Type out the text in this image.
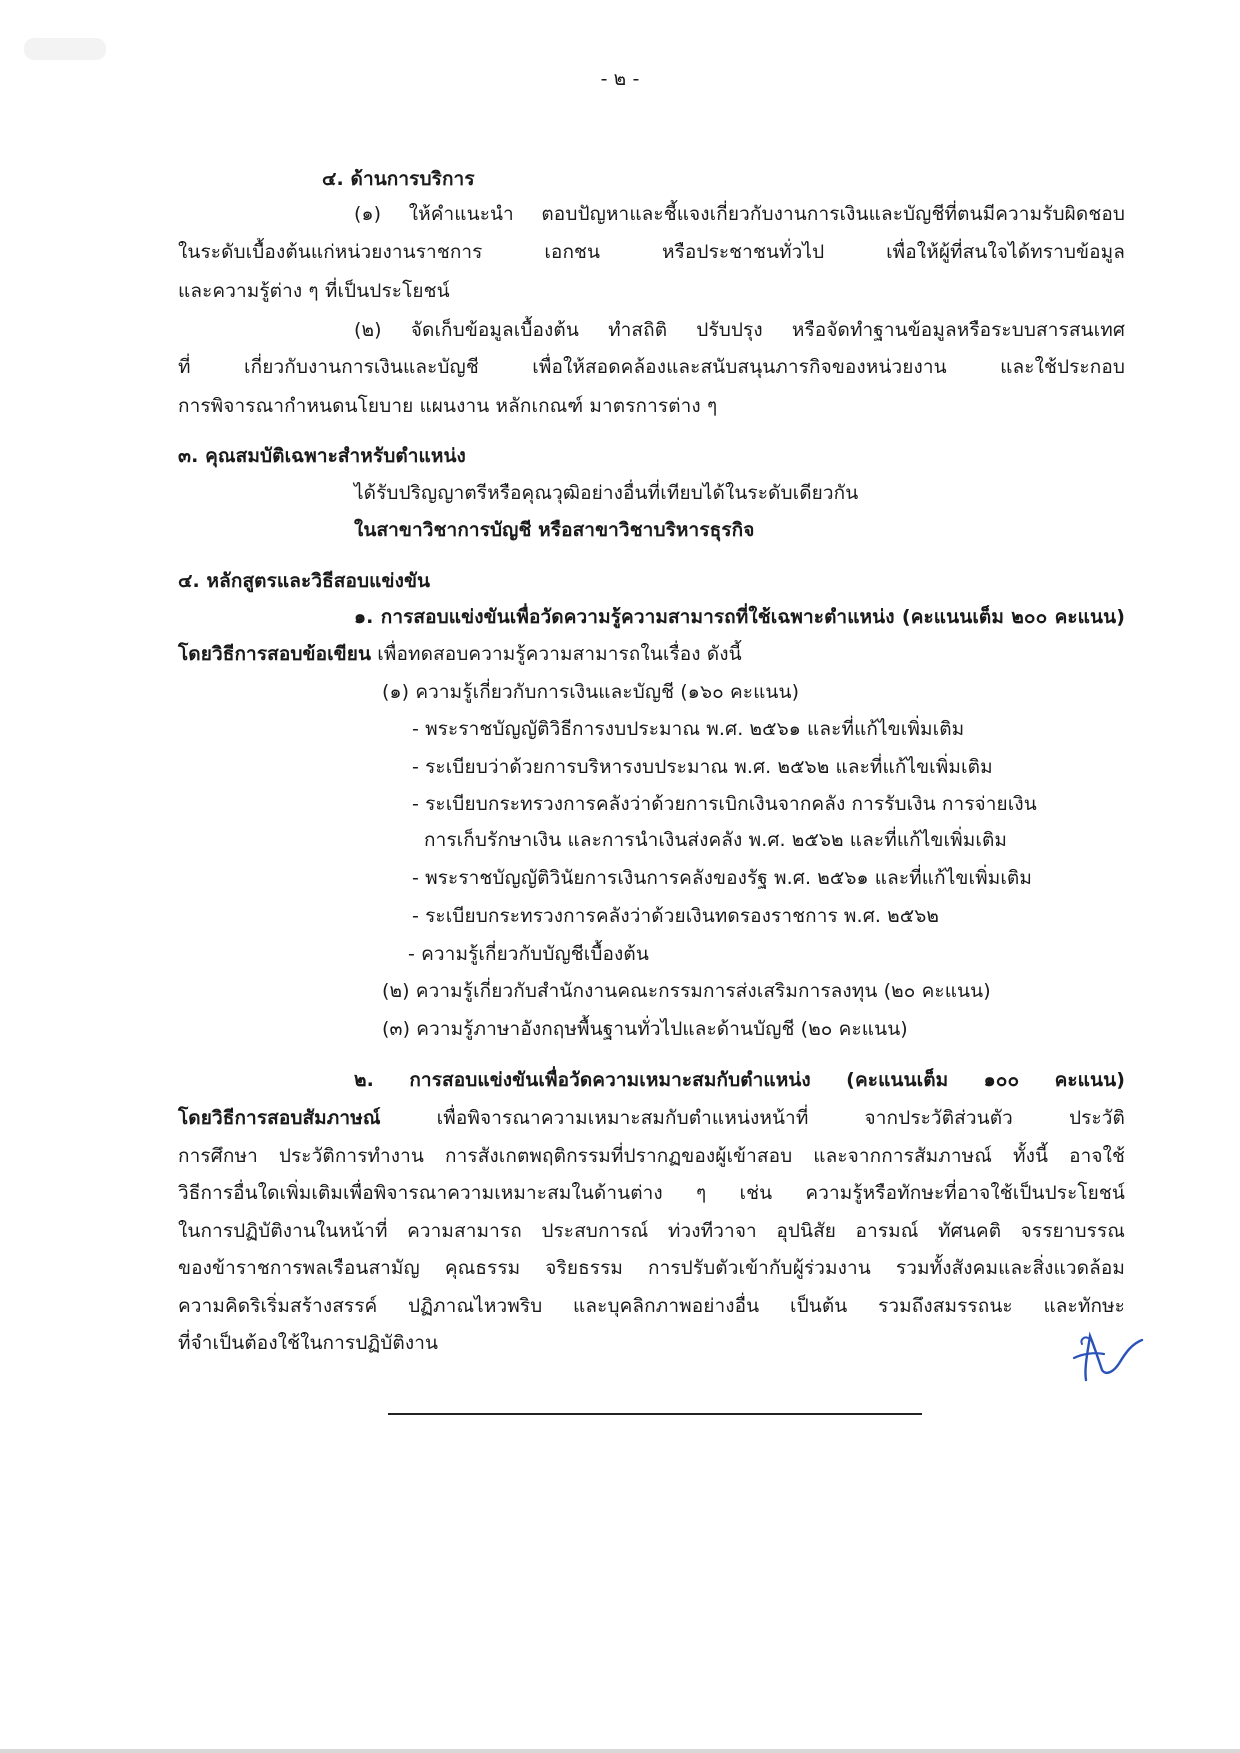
- ๒ -
๔. ด้านการบริการ
(๑) ให้คำแนะนำ ตอบปัญหาและชี้แจงเกี่ยวกับงานการเงินและบัญชีที่ตนมีความรับผิดชอบ
ในระดับเบื้องต้นแก่หน่วยงานราชการ เอกชน หรือประชาชนทั่วไป เพื่อให้ผู้ที่สนใจได้ทราบข้อมูล
และความรู้ต่าง ๆ ที่เป็นประโยชน์
(๒) จัดเก็บข้อมูลเบื้องต้น ทำสถิติ ปรับปรุง หรือจัดทำฐานข้อมูลหรือระบบสารสนเทศ
ที่ เกี่ยวกับงานการเงินและบัญชี เพื่อให้สอดคล้องและสนับสนุนภารกิจของหน่วยงาน และใช้ประกอบ
การพิจารณากำหนดนโยบาย แผนงาน หลักเกณฑ์ มาตรการต่าง ๆ
๓. คุณสมบัติเฉพาะสำหรับตำแหน่ง
ได้รับปริญญาตรีหรือคุณวุฒิอย่างอื่นที่เทียบได้ในระดับเดียวกัน
ในสาขาวิชาการบัญชี หรือสาขาวิชาบริหารธุรกิจ
๔. หลักสูตรและวิธีสอบแข่งขัน
๑. การสอบแข่งขันเพื่อวัดความรู้ความสามารถที่ใช้เฉพาะตำแหน่ง (คะแนนเต็ม ๒๐๐ คะแนน)
โดยวิธีการสอบข้อเขียน เพื่อทดสอบความรู้ความสามารถในเรื่อง ดังนี้
(๑) ความรู้เกี่ยวกับการเงินและบัญชี (๑๖๐ คะแนน)
- พระราชบัญญัติวิธีการงบประมาณ พ.ศ. ๒๕๖๑ และที่แก้ไขเพิ่มเติม
- ระเบียบว่าด้วยการบริหารงบประมาณ พ.ศ. ๒๕๖๒ และที่แก้ไขเพิ่มเติม
- ระเบียบกระทรวงการคลังว่าด้วยการเบิกเงินจากคลัง การรับเงิน การจ่ายเงิน
การเก็บรักษาเงิน และการนำเงินส่งคลัง พ.ศ. ๒๕๖๒ และที่แก้ไขเพิ่มเติม
- พระราชบัญญัติวินัยการเงินการคลังของรัฐ พ.ศ. ๒๕๖๑ และที่แก้ไขเพิ่มเติม
- ระเบียบกระทรวงการคลังว่าด้วยเงินทดรองราชการ พ.ศ. ๒๕๖๒
- ความรู้เกี่ยวกับบัญชีเบื้องต้น
(๒) ความรู้เกี่ยวกับสำนักงานคณะกรรมการส่งเสริมการลงทุน (๒๐ คะแนน)
(๓) ความรู้ภาษาอังกฤษพื้นฐานทั่วไปและด้านบัญชี (๒๐ คะแนน)
๒. การสอบแข่งขันเพื่อวัดความเหมาะสมกับตำแหน่ง (คะแนนเต็ม ๑๐๐ คะแนน)
โดยวิธีการสอบสัมภาษณ์ เพื่อพิจารณาความเหมาะสมกับตำแหน่งหน้าที่ จากประวัติส่วนตัว ประวัติ
การศึกษา ประวัติการทำงาน การสังเกตพฤติกรรมที่ปรากฏของผู้เข้าสอบ และจากการสัมภาษณ์ ทั้งนี้ อาจใช้
วิธีการอื่นใดเพิ่มเติมเพื่อพิจารณาความเหมาะสมในด้านต่าง ๆ เช่น ความรู้หรือทักษะที่อาจใช้เป็นประโยชน์
ในการปฏิบัติงานในหน้าที่ ความสามารถ ประสบการณ์ ท่วงทีวาจา อุปนิสัย อารมณ์ ทัศนคติ จรรยาบรรณ
ของข้าราชการพลเรือนสามัญ คุณธรรม จริยธรรม การปรับตัวเข้ากับผู้ร่วมงาน รวมทั้งสังคมและสิ่งแวดล้อม
ความคิดริเริ่มสร้างสรรค์ ปฏิภาณไหวพริบ และบุคลิกภาพอย่างอื่น เป็นต้น รวมถึงสมรรถนะ และทักษะ
ที่จำเป็นต้องใช้ในการปฏิบัติงาน
